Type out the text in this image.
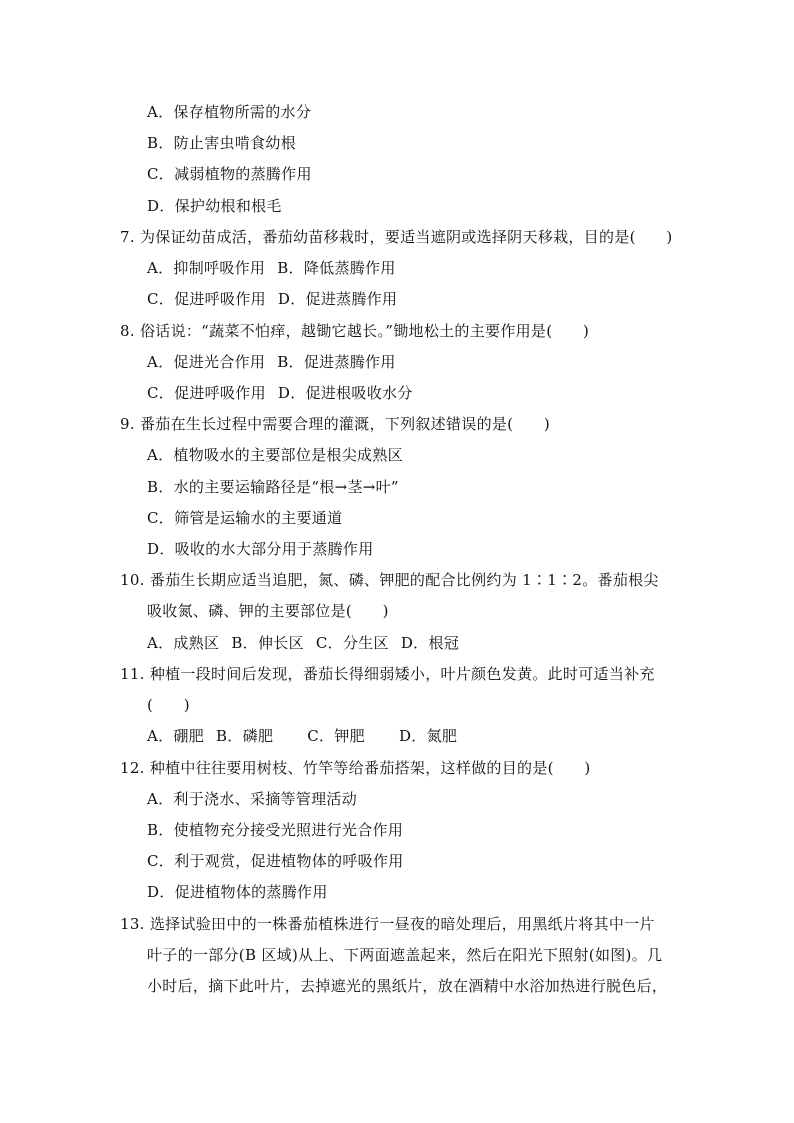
A．保存植物所需的水分
B．防止害虫啃食幼根
C．减弱植物的蒸腾作用
D．保护幼根和根毛
7. 为保证幼苗成活，番茄幼苗移栽时，要适当遮阴或选择阴天移栽，目的是(　　)
A．抑制呼吸作用 B．降低蒸腾作用
C．促进呼吸作用 D．促进蒸腾作用
8. 俗话说：“蔬菜不怕痒，越锄它越长。”锄地松土的主要作用是(　　)
A．促进光合作用 B．促进蒸腾作用
C．促进呼吸作用 D．促进根吸收水分
9. 番茄在生长过程中需要合理的灌溉，下列叙述错误的是(　　)
A．植物吸水的主要部位是根尖成熟区
B．水的主要运输路径是“根→茎→叶”
C．筛管是运输水的主要通道
D．吸收的水大部分用于蒸腾作用
10. 番茄生长期应适当追肥，氮、磷、钾肥的配合比例约为 1∶1∶2。番茄根尖
吸收氮、磷、钾的主要部位是(　　)
A．成熟区 B．伸长区 C．分生区 D．根冠
11. 种植一段时间后发现，番茄长得细弱矮小，叶片颜色发黄。此时可适当补充
(　　)
A．硼肥 B．磷肥 C．钾肥 D．氮肥
12. 种植中往往要用树枝、竹竿等给番茄搭架，这样做的目的是(　　)
A．利于浇水、采摘等管理活动
B．使植物充分接受光照进行光合作用
C．利于观赏，促进植物体的呼吸作用
D．促进植物体的蒸腾作用
13. 选择试验田中的一株番茄植株进行一昼夜的暗处理后，用黑纸片将其中一片
叶子的一部分(B 区域)从上、下两面遮盖起来，然后在阳光下照射(如图)。几
小时后，摘下此叶片，去掉遮光的黑纸片，放在酒精中水浴加热进行脱色后，
